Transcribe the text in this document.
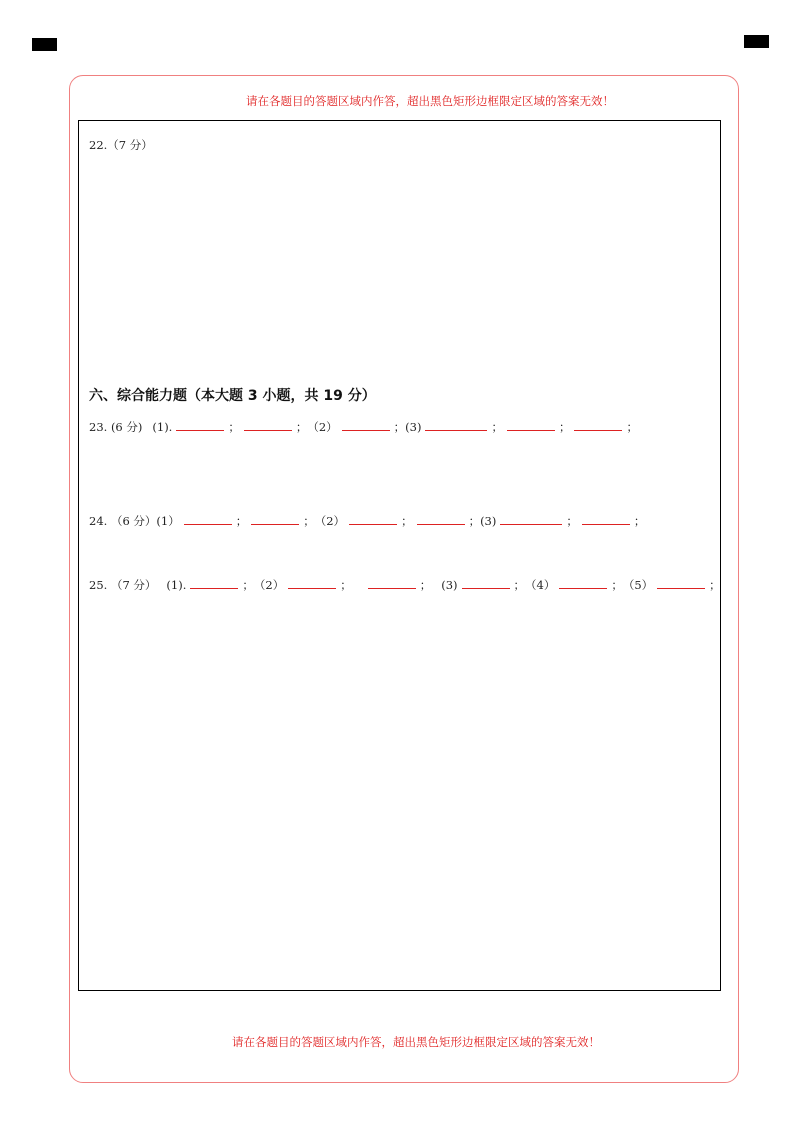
请在各题目的答题区域内作答，超出黑色矩形边框限定区域的答案无效！
22.（7 分）
六、综合能力题（本大题 3 小题，共 19 分）
23. (6 分) (1).	；	； （2）	； (3)	；	；	；
24. （6 分） (1）	；	； （2）	；	； (3)	；	；
25. （7 分） (1).	； （2）	；	； (3)	； （4）	； （5）	；
请在各题目的答题区域内作答，超出黑色矩形边框限定区域的答案无效！
